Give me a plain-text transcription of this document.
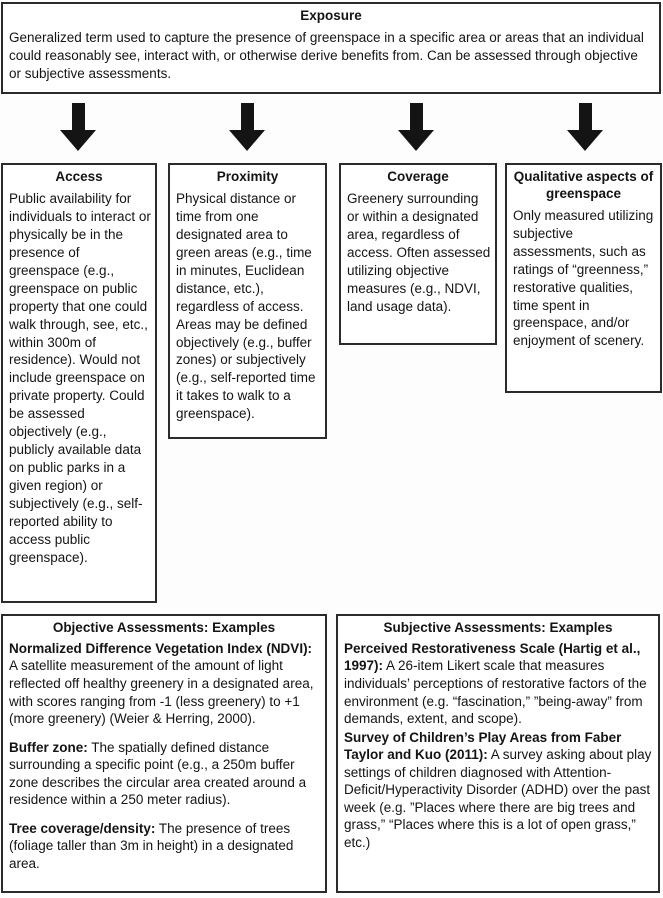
Exposure
Generalized term used to capture the presence of greenspace in a specific area or areas that an individual could reasonably see, interact with, or otherwise derive benefits from. Can be assessed through objective or subjective assessments.
Access
Public availability for individuals to interact or physically be in the presence of greenspace (e.g., greenspace on public property that one could walk through, see, etc., within 300m of residence). Would not include greenspace on private property. Could be assessed objectively (e.g., publicly available data on public parks in a given region) or subjectively (e.g., self-reported ability to access public greenspace).
Proximity
Physical distance or time from one designated area to green areas (e.g., time in minutes, Euclidean distance, etc.), regardless of access. Areas may be defined objectively (e.g., buffer zones) or subjectively (e.g., self-reported time it takes to walk to a greenspace).
Coverage
Greenery surrounding or within a designated area, regardless of access. Often assessed utilizing objective measures (e.g., NDVI, land usage data).
Qualitative aspects of greenspace
Only measured utilizing subjective assessments, such as ratings of “greenness,” restorative qualities, time spent in greenspace, and/or enjoyment of scenery.
Objective Assessments: Examples

Normalized Difference Vegetation Index (NDVI): A satellite measurement of the amount of light reflected off healthy greenery in a designated area, with scores ranging from -1 (less greenery) to +1 (more greenery) (Weier & Herring, 2000).

Buffer zone: The spatially defined distance surrounding a specific point (e.g., a 250m buffer zone describes the circular area created around a residence within a 250 meter radius).

Tree coverage/density: The presence of trees (foliage taller than 3m in height) in a designated area.

Subjective Assessments: Examples

Perceived Restorativeness Scale (Hartig et al., 1997): A 26-item Likert scale that measures individuals’ perceptions of restorative factors of the environment (e.g. “fascination,” ”being-away” from demands, extent, and scope).

Survey of Children’s Play Areas from Faber Taylor and Kuo (2011): A survey asking about play settings of children diagnosed with Attention-Deficit/Hyperactivity Disorder (ADHD) over the past week (e.g. ”Places where there are big trees and grass,” “Places where this is a lot of open grass,” etc.)
